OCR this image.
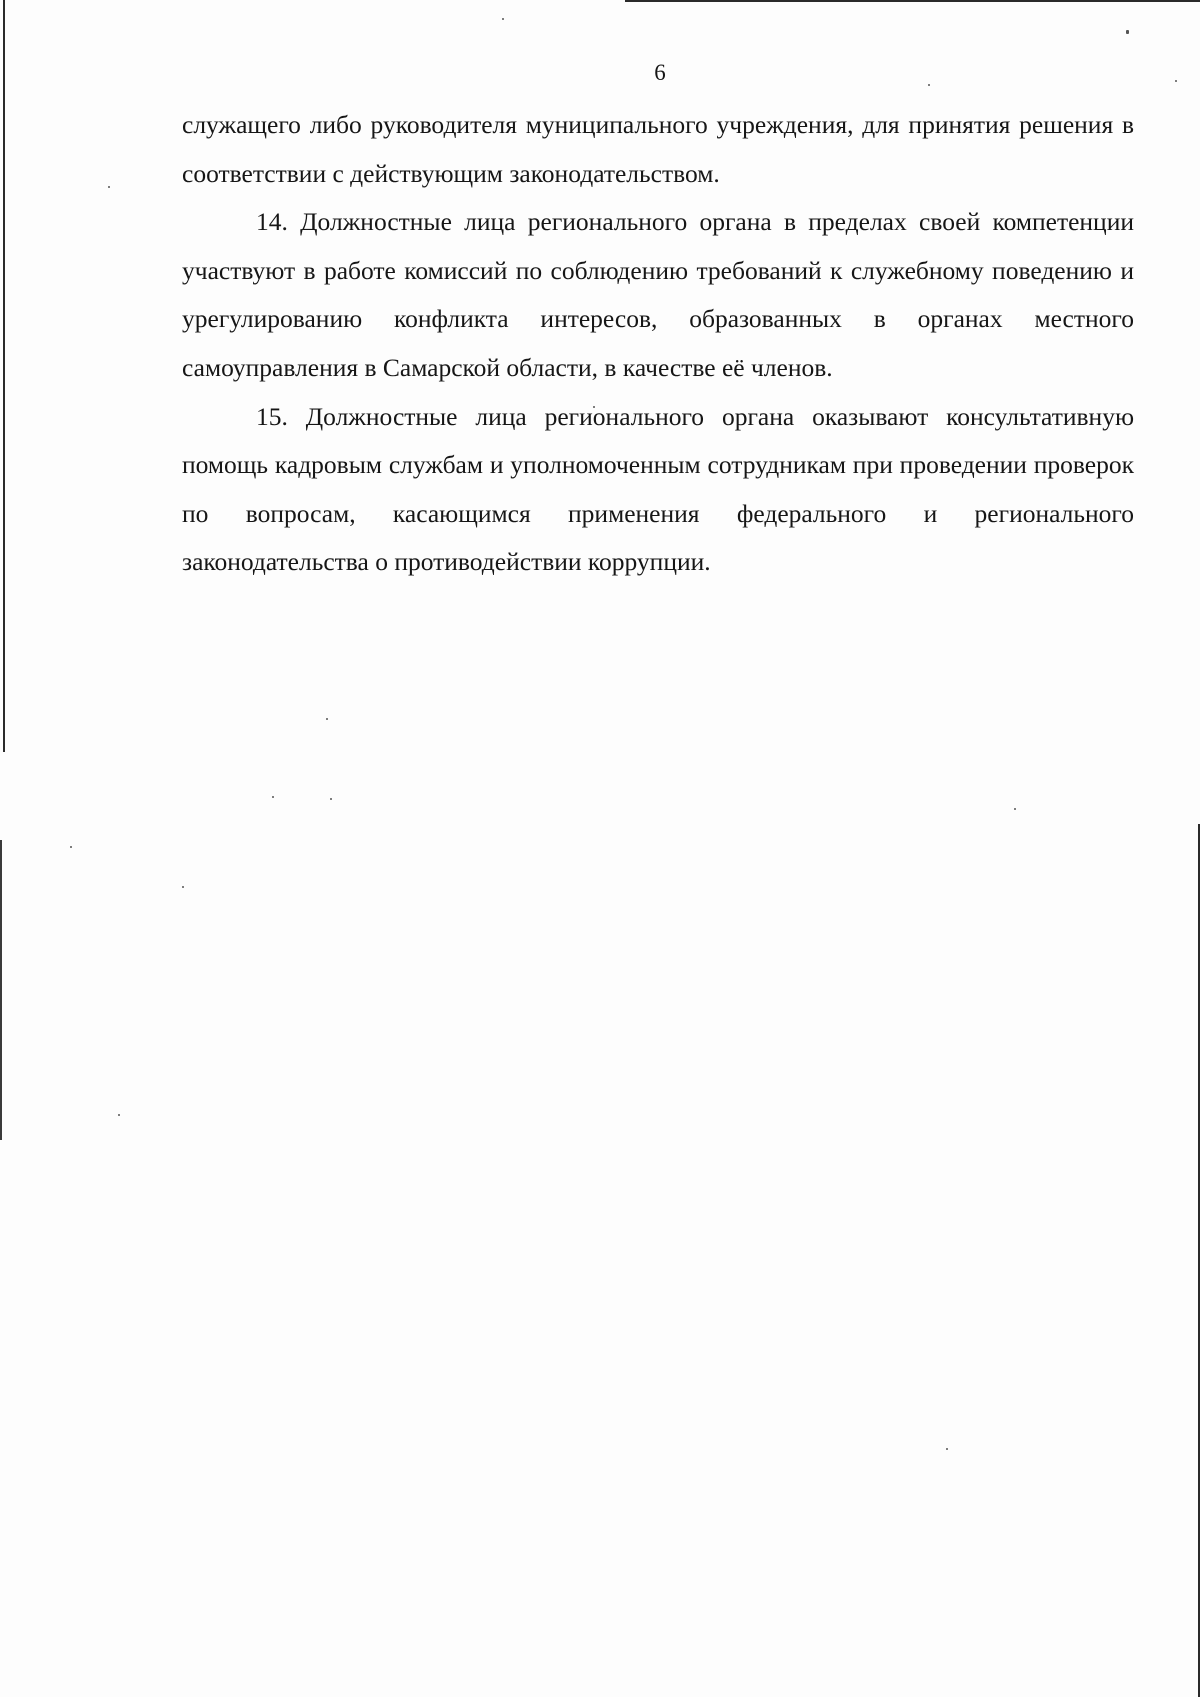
6

служащего либо руководителя муниципального учреждения, для принятия решения в соответствии с действующим законодательством.

14. Должностные лица регионального органа в пределах своей компетенции участвуют в работе комиссий по соблюдению требований к служебному поведению и урегулированию конфликта интересов, образованных в органах местного самоуправления в Самарской области, в качестве её членов.

15. Должностные лица регионального органа оказывают консультативную помощь кадровым службам и уполномоченным сотрудникам при проведении проверок по вопросам, касающимся применения федерального и регионального законодательства о противодействии коррупции.
